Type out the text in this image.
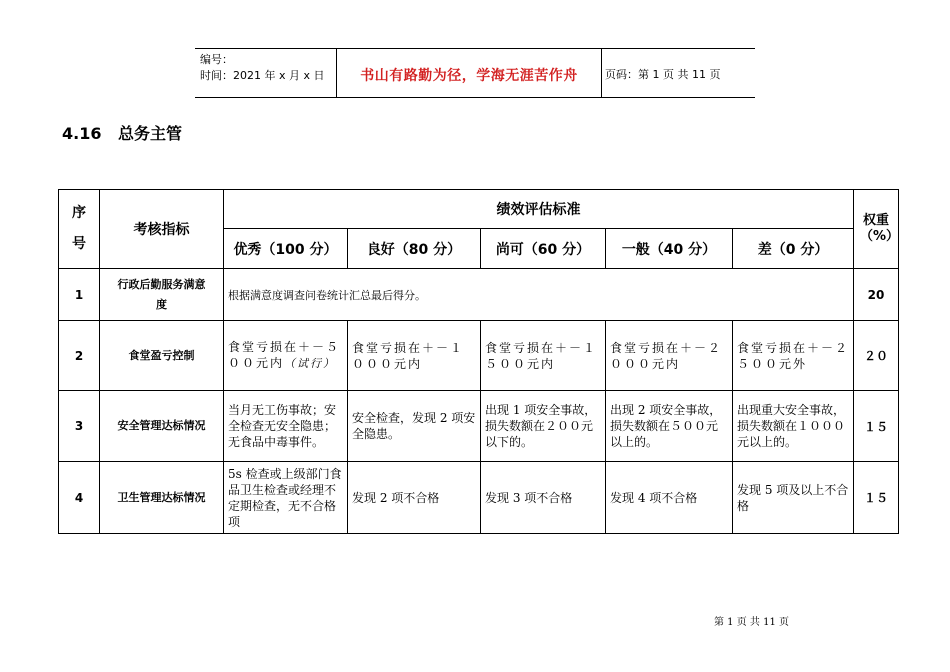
编号：
时间：2021 年 x 月 x 日	书山有路勤为径，学海无涯苦作舟	页码：第 1 页 共 11 页
4.16 总务主管
序号	考核指标	绩效评估标准					权重（%）
		优秀（100 分）	良好（80 分）	尚可（60 分）	一般（40 分）	差（0 分）	
1	行政后勤服务满意度	根据满意度调查问卷统计汇总最后得分。					20
2	食堂盈亏控制	食堂亏损在＋－５００元内（试行）	食堂亏损在＋－１０００元内	食堂亏损在＋－１５００元内	食堂亏损在＋－２０００元内	食堂亏损在＋－２５００元外	２０
3	安全管理达标情况	当月无工伤事故；安全检查无安全隐患；无食品中毒事件。	安全检查，发现 2 项安全隐患。	出现 1 项安全事故，损失数额在２００元以下的。	出现 2 项安全事故，损失数额在５００元以上的。	出现重大安全事故，损失数额在１０００元以上的。	１５
4	卫生管理达标情况	5s 检查或上级部门食品卫生检查或经理不定期检查，无不合格项	发现 2 项不合格	发现 3 项不合格	发现 4 项不合格	发现 5 项及以上不合格	１５
第 1 页 共 11 页
